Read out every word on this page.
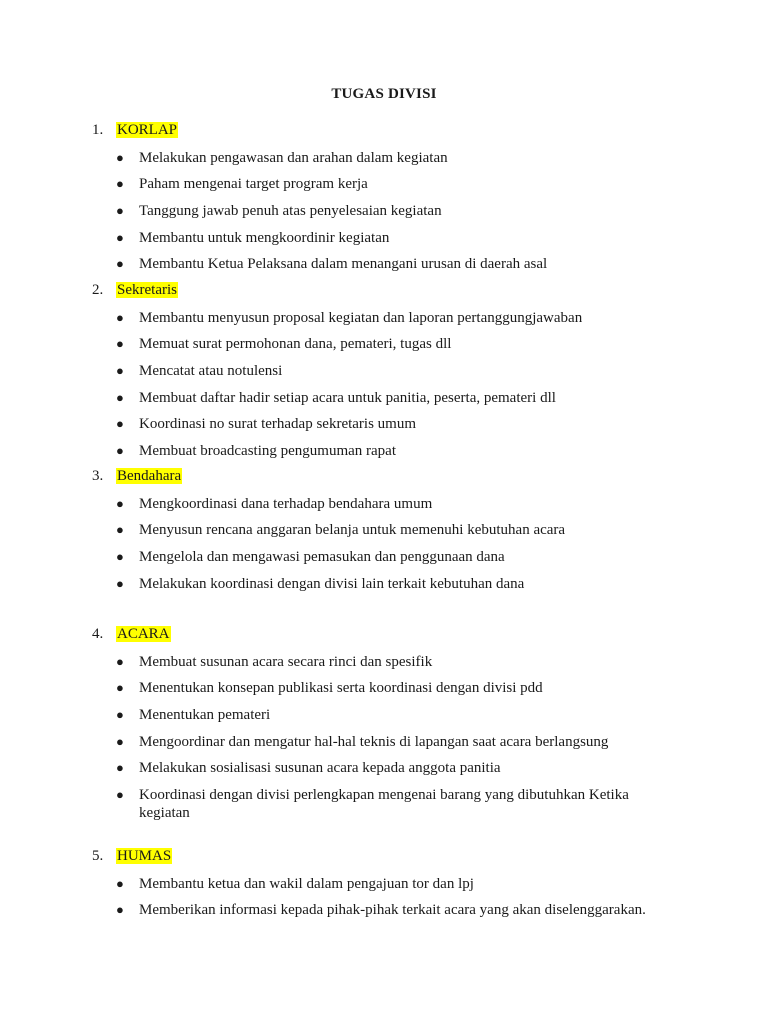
TUGAS DIVISI
1. KORLAP
● Melakukan pengawasan dan arahan dalam kegiatan
● Paham mengenai target program kerja
● Tanggung jawab penuh atas penyelesaian kegiatan
● Membantu untuk mengkoordinir kegiatan
● Membantu Ketua Pelaksana dalam menangani urusan di daerah asal
2. Sekretaris
● Membantu menyusun proposal kegiatan dan laporan pertanggungjawaban
● Memuat surat permohonan dana, pemateri, tugas dll
● Mencatat atau notulensi
● Membuat daftar hadir setiap acara untuk panitia, peserta, pemateri dll
● Koordinasi no surat terhadap sekretaris umum
● Membuat broadcasting pengumuman rapat
3. Bendahara
● Mengkoordinasi dana terhadap bendahara umum
● Menyusun rencana anggaran belanja untuk memenuhi kebutuhan acara
● Mengelola dan mengawasi pemasukan dan penggunaan dana
● Melakukan koordinasi dengan divisi lain terkait kebutuhan dana
4. ACARA
● Membuat susunan acara secara rinci dan spesifik
● Menentukan konsepan publikasi serta koordinasi dengan divisi pdd
● Menentukan pemateri
● Mengoordinar dan mengatur hal-hal teknis di lapangan saat acara berlangsung
● Melakukan sosialisasi susunan acara kepada anggota panitia
● Koordinasi dengan divisi perlengkapan mengenai barang yang dibutuhkan Ketika kegiatan
5. HUMAS
● Membantu ketua dan wakil dalam pengajuan tor dan lpj
● Memberikan informasi kepada pihak-pihak terkait acara yang akan diselenggarakan.
